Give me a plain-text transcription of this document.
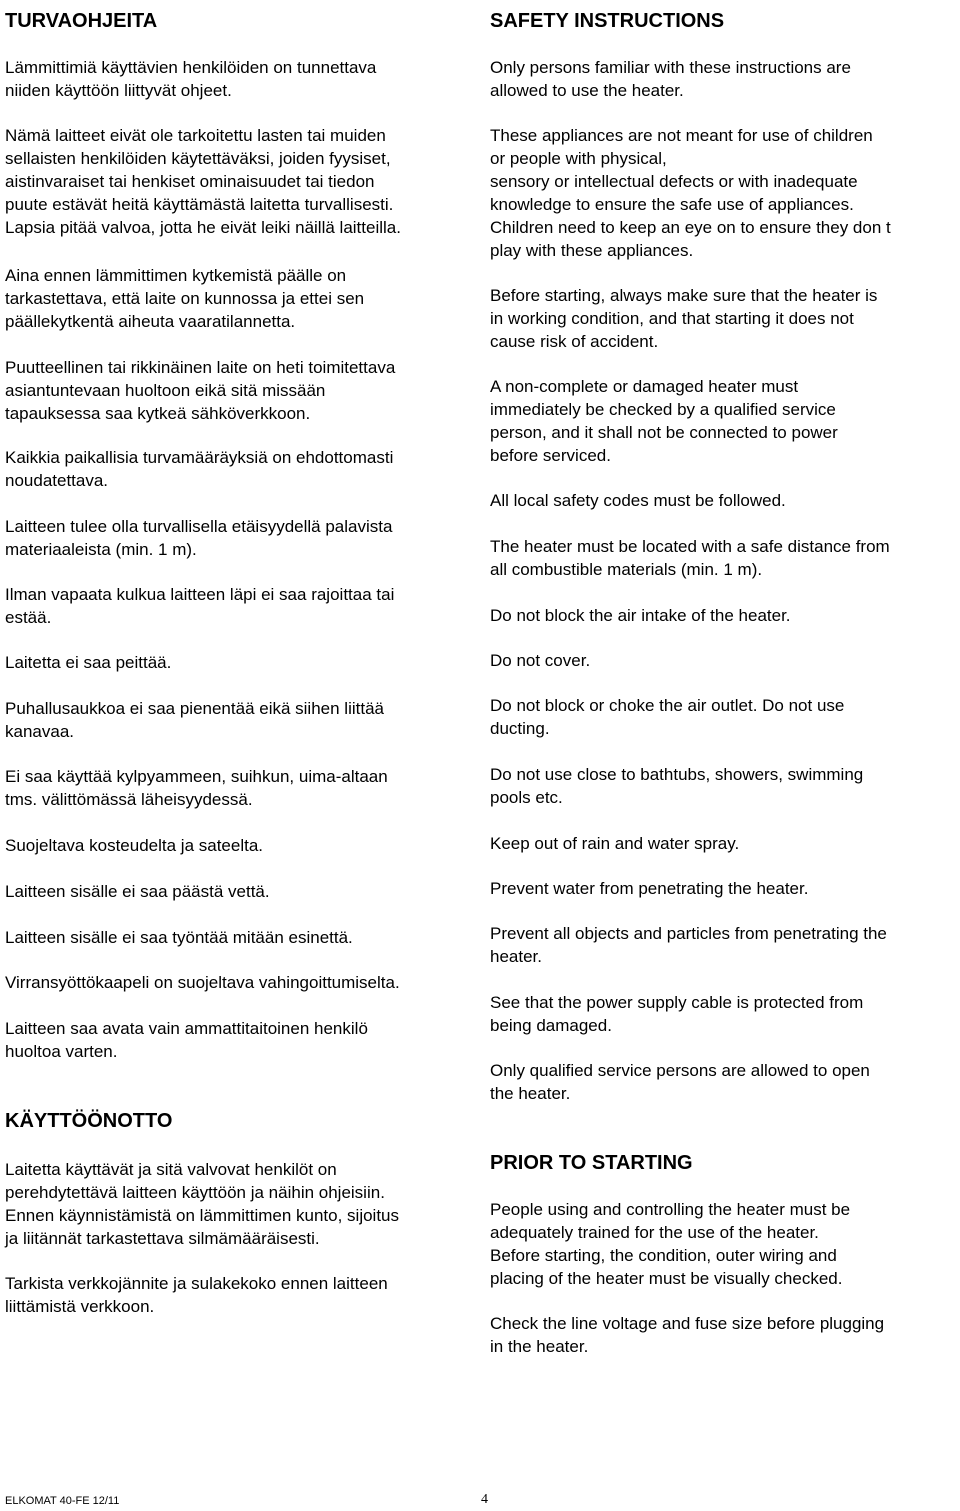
TURVAOHJEITA

Lämmittimiä käyttävien henkilöiden on tunnettava
niiden käyttöön liittyvät ohjeet.

Nämä laitteet eivät ole tarkoitettu lasten tai muiden
sellaisten henkilöiden käytettäväksi, joiden fyysiset,
aistinvaraiset tai henkiset ominaisuudet tai tiedon
puute estävät heitä käyttämästä laitetta turvallisesti.
Lapsia pitää valvoa, jotta he eivät leiki näillä laitteilla.

Aina ennen lämmittimen kytkemistä päälle on
tarkastettava, että laite on kunnossa ja ettei sen
päällekytkentä aiheuta vaaratilannetta.

Puutteellinen tai rikkinäinen laite on heti toimitettava
asiantuntevaan huoltoon eikä sitä missään
tapauksessa saa kytkeä sähköverkkoon.

Kaikkia paikallisia turvamääräyksiä on ehdottomasti
noudatettava.

Laitteen tulee olla turvallisella etäisyydellä palavista
materiaaleista (min. 1 m).

Ilman vapaata kulkua laitteen läpi ei saa rajoittaa tai
estää.

Laitetta ei saa peittää.

Puhallusaukkoa ei saa pienentää eikä siihen liittää
kanavaa.

Ei saa käyttää kylpyammeen, suihkun, uima-altaan
tms. välittömässä läheisyydessä.

Suojeltava kosteudelta ja sateelta.

Laitteen sisälle ei saa päästä vettä.

Laitteen sisälle ei saa työntää mitään esinettä.

Virransyöttökaapeli on suojeltava vahingoittumiselta.

Laitteen saa avata vain ammattitaitoinen henkilö
huoltoa varten.

KÄYTTÖÖNOTTO

Laitetta käyttävät ja sitä valvovat henkilöt on
perehdytettävä laitteen käyttöön ja näihin ohjeisiin.
Ennen käynnistämistä on lämmittimen kunto, sijoitus
ja liitännät tarkastettava silmämääräisesti.

Tarkista verkkojännite ja sulakekoko ennen laitteen
liittämistä verkkoon.

SAFETY INSTRUCTIONS

Only persons familiar with these instructions are
allowed to use the heater.

These appliances are not meant for use of children
or people with physical,
sensory or intellectual defects or with inadequate
knowledge to ensure the safe use of appliances.
Children need to keep an eye on to ensure they don t
play with these appliances.

Before starting, always make sure that the heater is
in working condition, and that starting it does not
cause risk of accident.

A non-complete or damaged heater must
immediately be checked by a qualified service
person, and it shall not be connected to power
before serviced.

All local safety codes must be followed.

The heater must be located with a safe distance from
all combustible materials (min. 1 m).

Do not block the air intake of the heater.

Do not cover.

Do not block or choke the air outlet. Do not use
ducting.

Do not use close to bathtubs, showers, swimming
pools etc.

Keep out of rain and water spray.

Prevent water from penetrating the heater.

Prevent all objects and particles from penetrating the
heater.

See that the power supply cable is protected from
being damaged.

Only qualified service persons are allowed to open
the heater.

PRIOR TO STARTING

People using and controlling the heater must be
adequately trained for the use of the heater.
Before starting, the condition, outer wiring and
placing of the heater must be visually checked.

Check the line voltage and fuse size before plugging
in the heater.

ELKOMAT 40-FE 12/11	4
